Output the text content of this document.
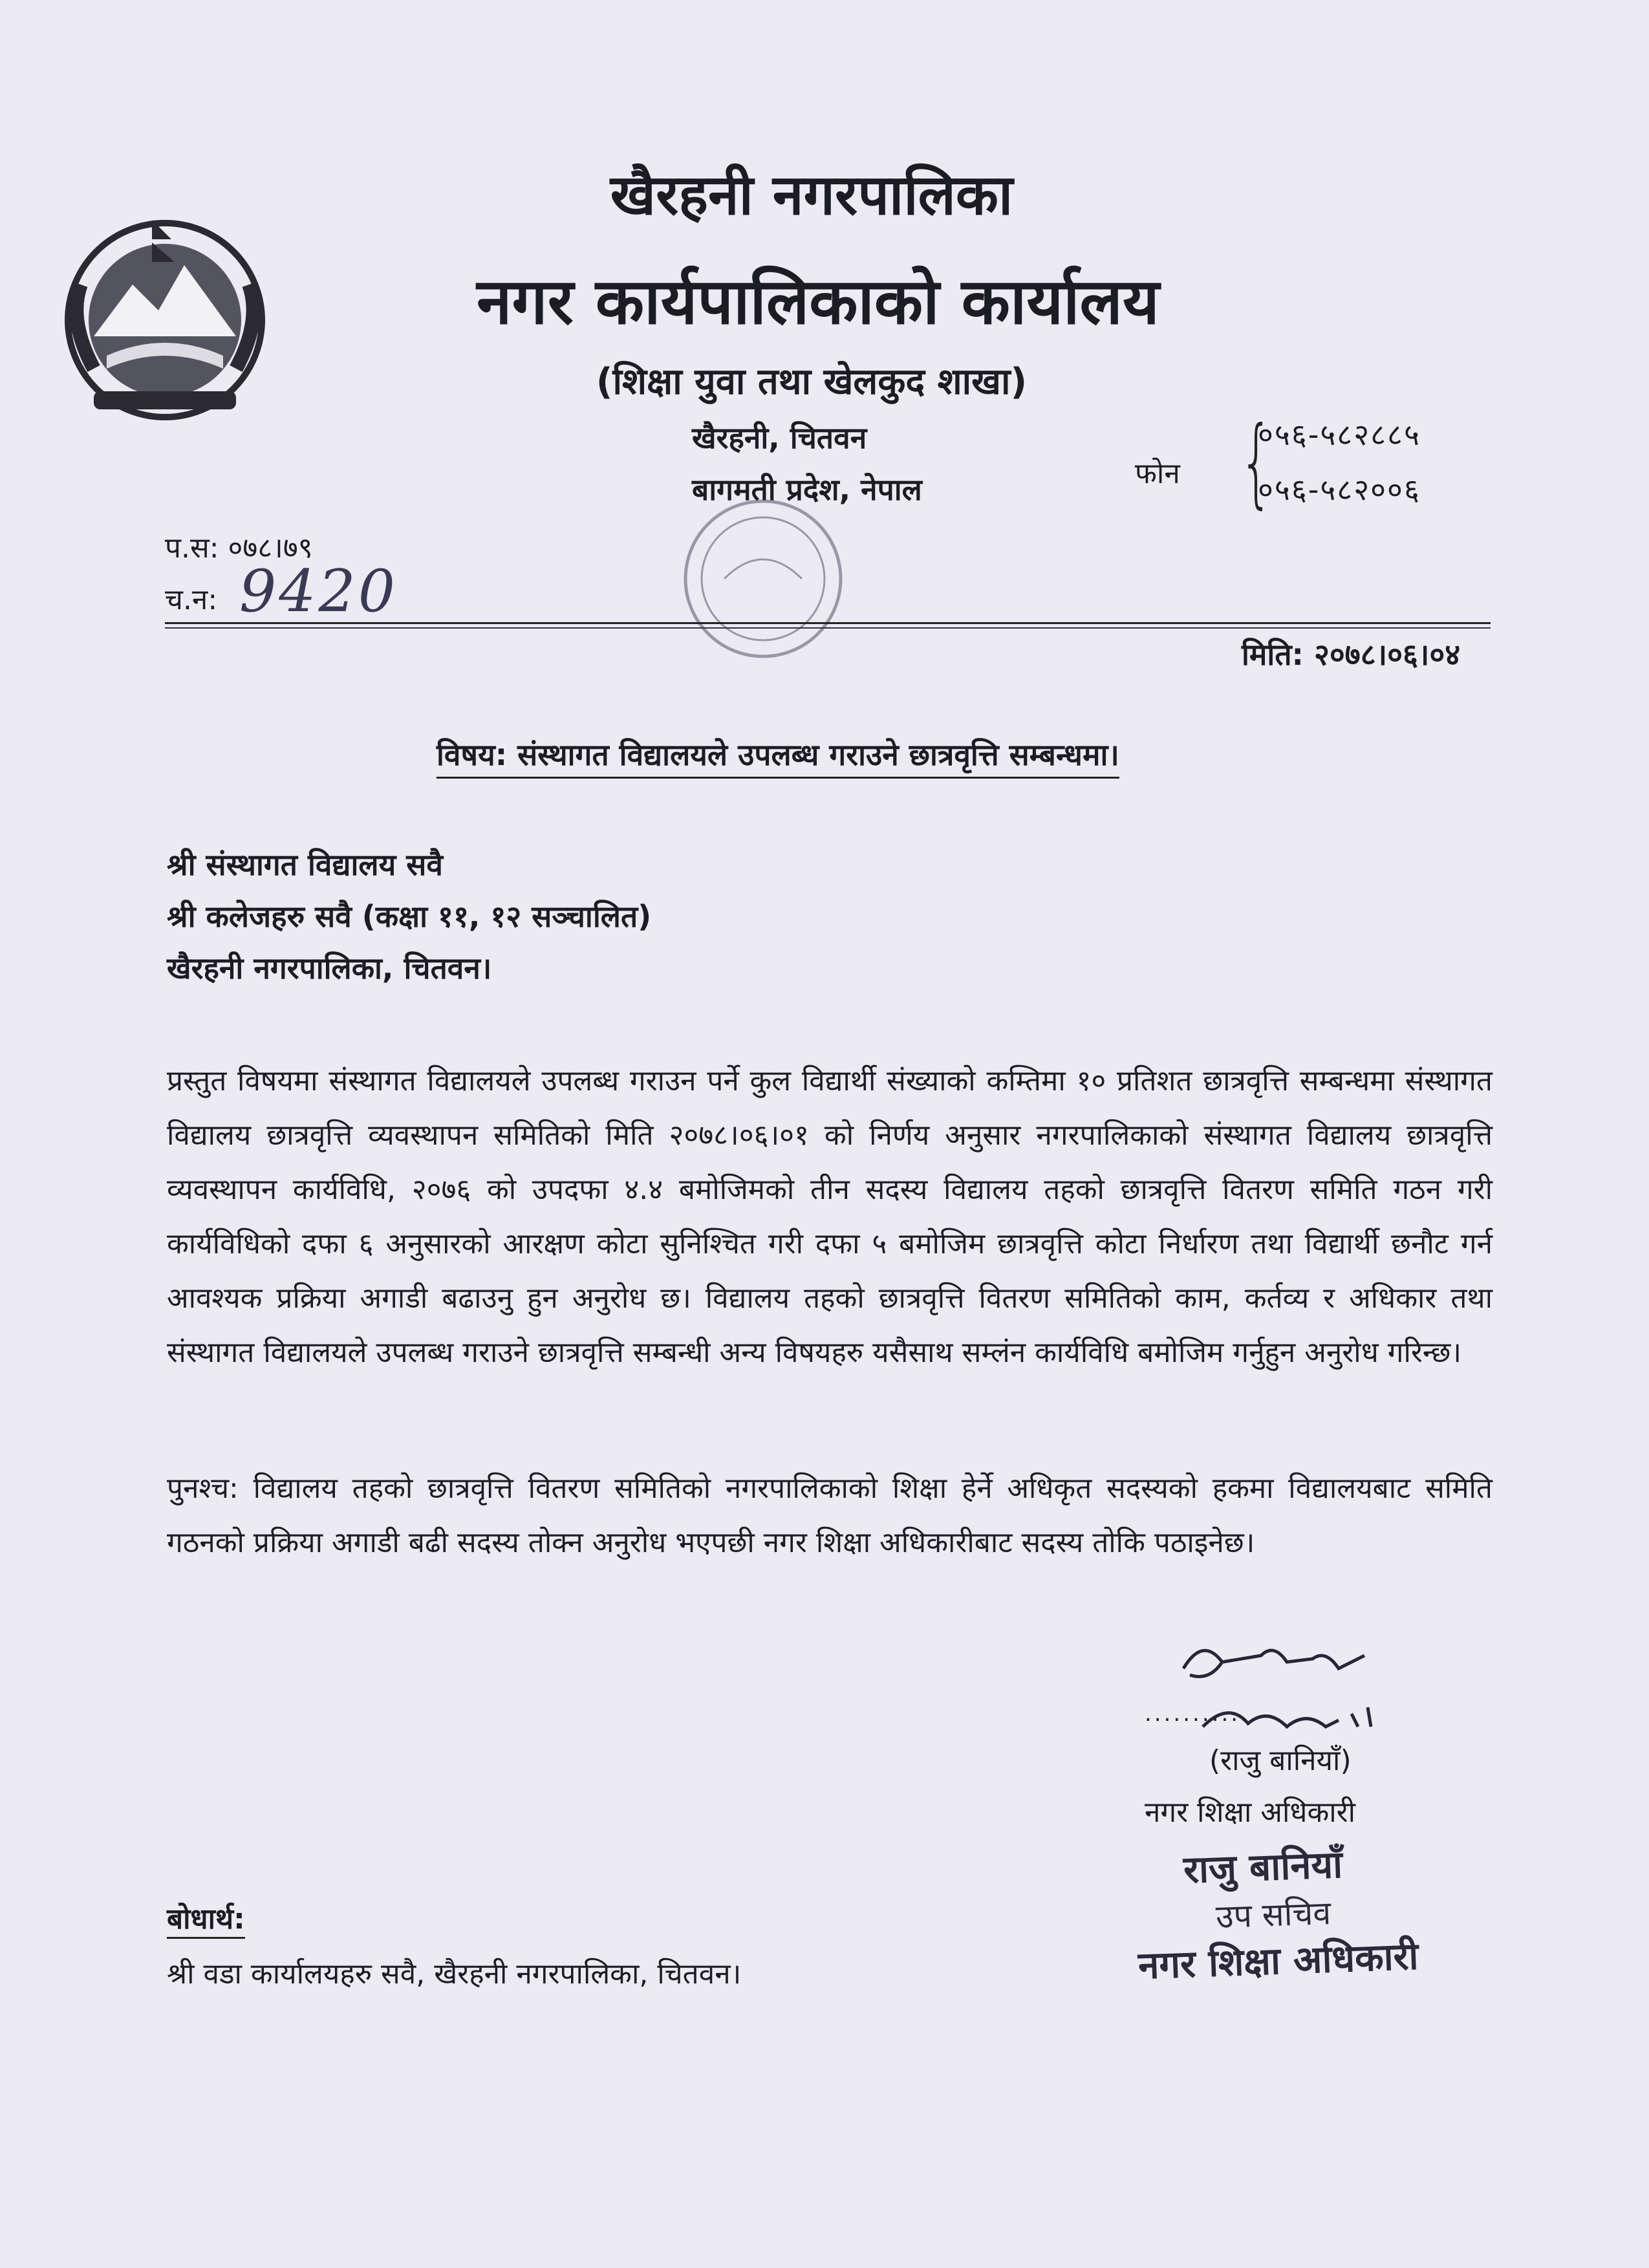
खैरहनी नगरपालिका
नगर कार्यपालिकाको कार्यालय
(शिक्षा युवा तथा खेलकुद शाखा)
खैरहनी, चितवन
बागमती प्रदेश, नेपाल	फोन {
०५६-५८२८८५
०५६-५८२००६
प.स: ०७८।७९
च.न: 9420
मिति: २०७८।०६।०४
विषय: संस्थागत विद्यालयले उपलब्ध गराउने छात्रवृत्ति सम्बन्धमा।
श्री संस्थागत विद्यालय सवै
श्री कलेजहरु सवै (कक्षा ११, १२ सञ्चालित)
खैरहनी नगरपालिका, चितवन।
प्रस्तुत विषयमा संस्थागत विद्यालयले उपलब्ध गराउन पर्ने कुल विद्यार्थी संख्याको कम्तिमा १० प्रतिशत छात्रवृत्ति सम्बन्धमा संस्थागत विद्यालय छात्रवृत्ति व्यवस्थापन समितिको मिति २०७८।०६।०१ को निर्णय अनुसार नगरपालिकाको संस्थागत विद्यालय छात्रवृत्ति व्यवस्थापन कार्यविधि, २०७६ को उपदफा ४.४ बमोजिमको तीन सदस्य विद्यालय तहको छात्रवृत्ति वितरण समिति गठन गरी कार्यविधिको दफा ६ अनुसारको आरक्षण कोटा सुनिश्चित गरी दफा ५ बमोजिम छात्रवृत्ति कोटा निर्धारण तथा विद्यार्थी छनौट गर्न आवश्यक प्रक्रिया अगाडी बढाउनु हुन अनुरोध छ। विद्यालय तहको छात्रवृत्ति वितरण समितिको काम, कर्तव्य र अधिकार तथा संस्थागत विद्यालयले उपलब्ध गराउने छात्रवृत्ति सम्बन्धी अन्य विषयहरु यसैसाथ सम्लंन कार्यविधि बमोजिम गर्नुहुन अनुरोध गरिन्छ।
पुनश्च: विद्यालय तहको छात्रवृत्ति वितरण समितिको नगरपालिकाको शिक्षा हेर्ने अधिकृत सदस्यको हकमा विद्यालयबाट समिति गठनको प्रक्रिया अगाडी बढी सदस्य तोक्न अनुरोध भएपछी नगर शिक्षा अधिकारीबाट सदस्य तोकि पठाइनेछ।
...........
(राजु बानियाँ)
नगर शिक्षा अधिकारी
राजु बानियाँ
उप सचिव
नगर शिक्षा अधिकारी
बोधार्थ:
श्री वडा कार्यालयहरु सवै, खैरहनी नगरपालिका, चितवन।
